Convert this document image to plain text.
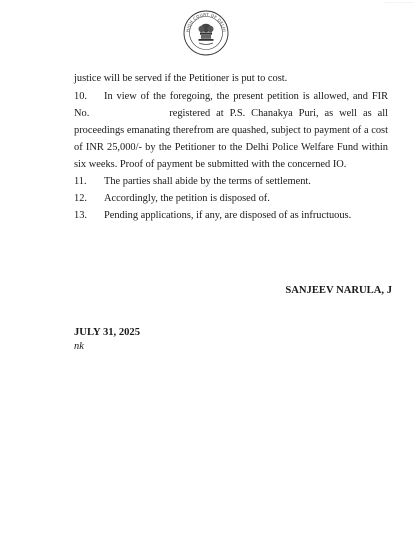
———— —————
HIGH COURT OF DELHI

justice will be served if the Petitioner is put to cost.

10. In view of the foregoing, the present petition is allowed, and FIR No.	registered at P.S. Chanakya Puri, as well as all proceedings emanating therefrom are quashed, subject to payment of a cost of INR 25,000/- by the Petitioner to the Delhi Police Welfare Fund within six weeks. Proof of payment be submitted with the concerned IO.

11. The parties shall abide by the terms of settlement.

12. Accordingly, the petition is disposed of.

13. Pending applications, if any, are disposed of as infructuous.

SANJEEV NARULA, J
JULY 31, 2025
nk
